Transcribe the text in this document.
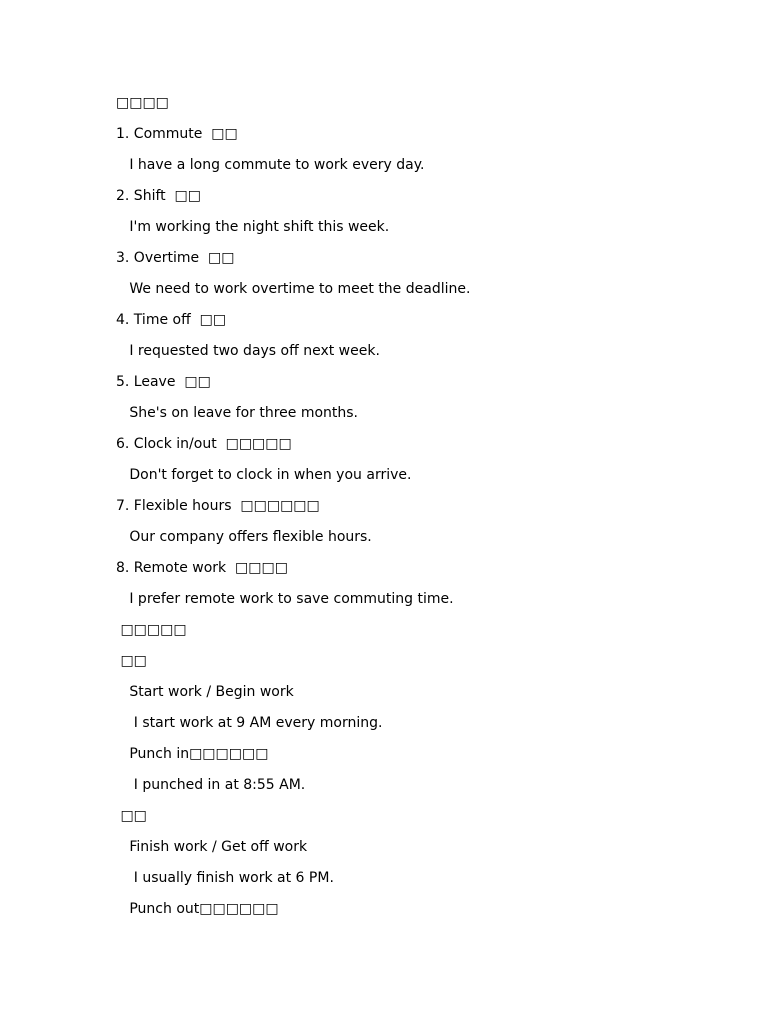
□□□□
1. Commute  □□
I have a long commute to work every day.
2. Shift  □□
I'm working the night shift this week.
3. Overtime  □□
We need to work overtime to meet the deadline.
4. Time off  □□
I requested two days off next week.
5. Leave  □□
She's on leave for three months.
6. Clock in/out  □□□□□
Don't forget to clock in when you arrive.
7. Flexible hours  □□□□□□
Our company offers flexible hours.
8. Remote work  □□□□
I prefer remote work to save commuting time.
□□□□□
□□
Start work / Begin work
I start work at 9 AM every morning.
Punch in□□□□□□
I punched in at 8:55 AM.
□□
Finish work / Get off work
I usually finish work at 6 PM.
Punch out□□□□□□
